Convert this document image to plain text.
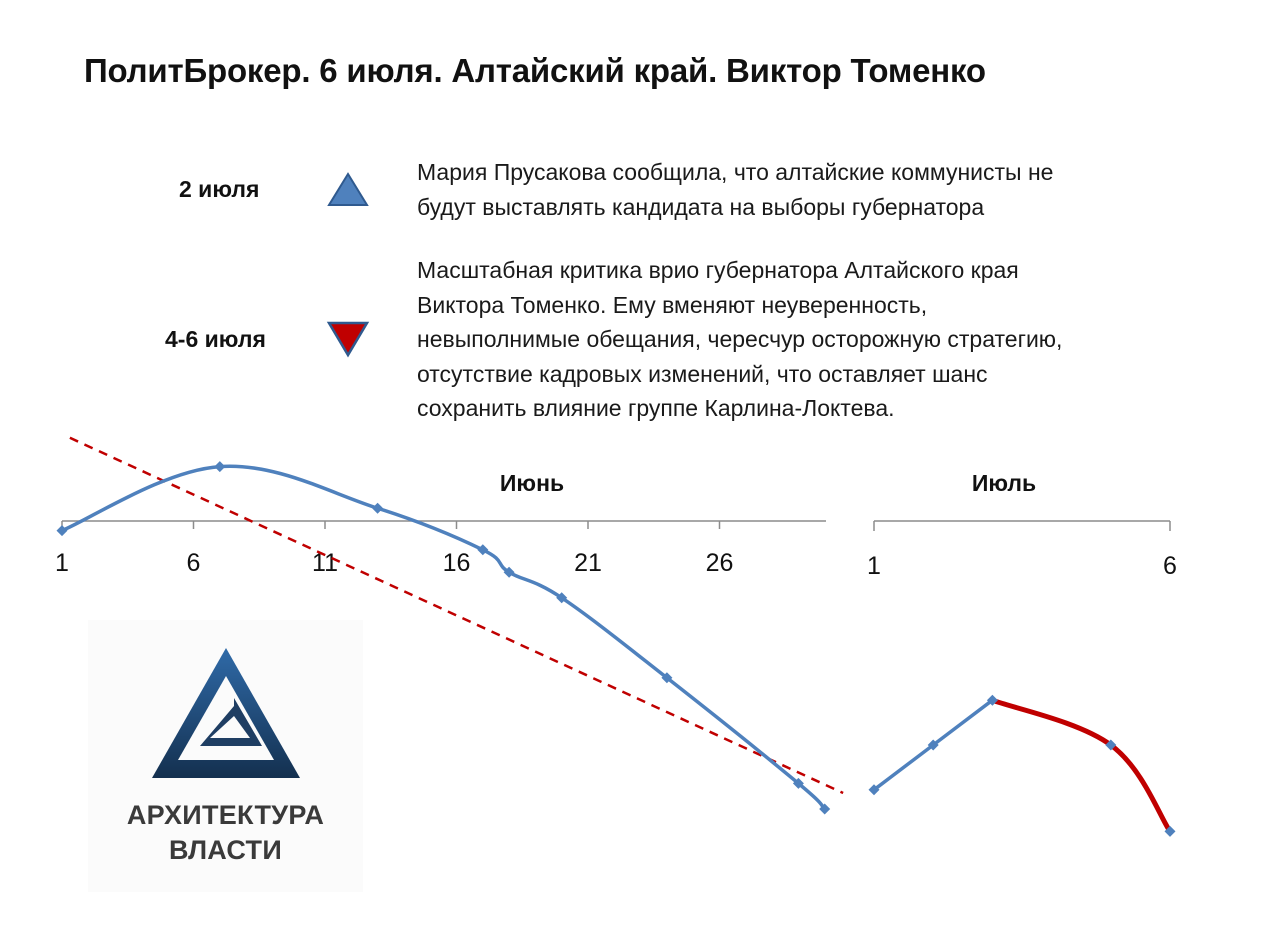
ПолитБрокер. 6 июля. Алтайский край. Виктор Томенко
2 июля
Мария Прусакова сообщила, что алтайские коммунисты не
будут выставлять кандидата на выборы губернатора
4-6 июля
Масштабная критика врио губернатора Алтайского края
Виктора Томенко. Ему вменяют неуверенность,
невыполнимые обещания, чересчур осторожную стратегию,
отсутствие кадровых изменений, что оставляет шанс
сохранить влияние группе Карлина-Локтева.
АРХИТЕКТУРА
ВЛАСТИ
1	6	11	16	21	26
Июнь
1	6
Июль
